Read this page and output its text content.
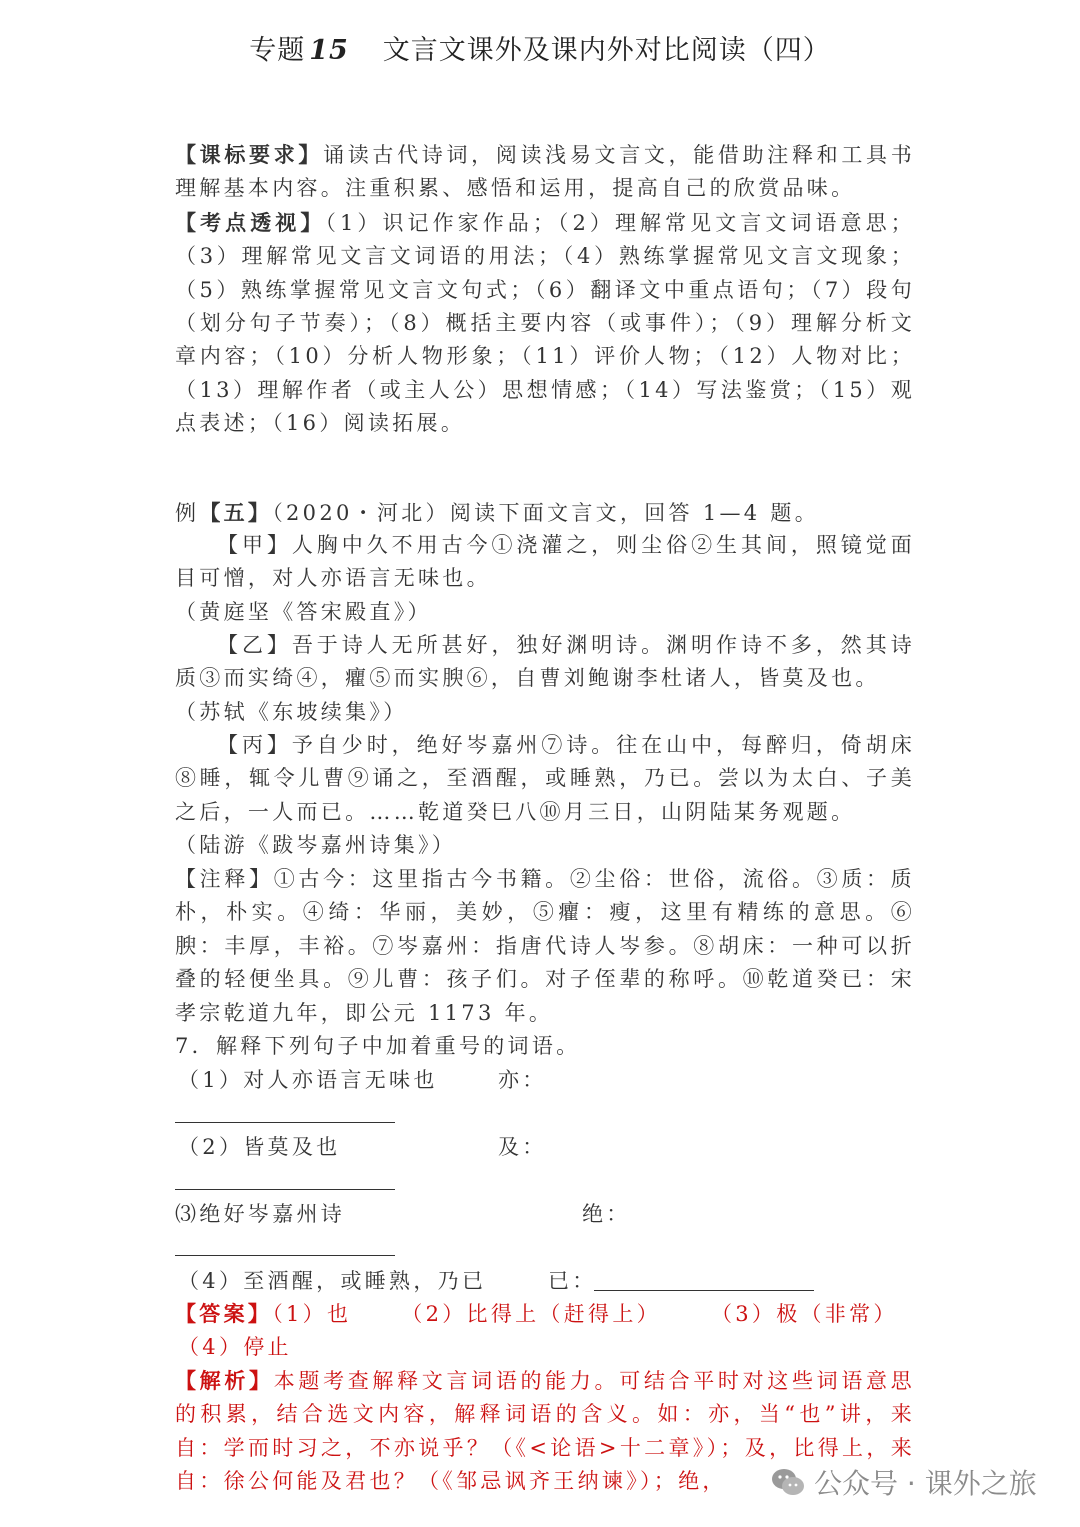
专题 15 文言文课外及课内外对比阅读（四）

【课标要求】诵读古代诗词，阅读浅易文言文，能借助注释和工具书理解基本内容。注重积累、感悟和运用，提高自己的欣赏品味。
【考点透视】（1）识记作家作品；（2）理解常见文言文词语意思；（3）理解常见文言文词语的用法；（4）熟练掌握常见文言文现象；（5）熟练掌握常见文言文句式；（6）翻译文中重点语句；（7）段句（划分句子节奏）；（8）概括主要内容（或事件）；（9）理解分析文章内容；（10）分析人物形象；（11）评价人物；（12）人物对比；（13）理解作者（或主人公）思想情感；（14）写法鉴赏；（15）观点表述；（16）阅读拓展。

例【五】（2020・河北）阅读下面文言文，回答 1—4 题。

【甲】人胸中久不用古今①浇灌之，则尘俗②生其间，照镜觉面目可憎，对人亦语言无味也。

（黄庭坚《答宋殿直》）

【乙】吾于诗人无所甚好，独好渊明诗。渊明作诗不多，然其诗质③而实绮④，癯⑤而实腴⑥，自曹刘鲍谢李杜诸人，皆莫及也。

（苏轼《东坡续集》）

【丙】予自少时，绝好岑嘉州⑦诗。往在山中，每醉归，倚胡床⑧睡，辄令儿曹⑨诵之，至酒醒，或睡熟，乃已。尝以为太白、子美之后，一人而已。……乾道癸巳八⑩月三日，山阴陆某务观题。

（陆游《跋岑嘉州诗集》）

【注释】①古今：这里指古今书籍。②尘俗：世俗，流俗。③质：质朴，朴实。④绮：华丽，美妙，⑤癯：瘦，这里有精练的意思。⑥腴：丰厚，丰裕。⑦岑嘉州：指唐代诗人岑参。⑧胡床：一种可以折叠的轻便坐具。⑨儿曹：孩子们。对子侄辈的称呼。⑩乾道癸已：宋孝宗乾道九年，即公元 1173 年。

7．解释下列句子中加着重号的词语。
（1）对人亦语言无味也	亦：
（2）皆莫及也	及：
⑶绝好岑嘉州诗	绝：
（4）至酒醒，或睡熟，乃已	已：
【答案】（1）也 （2）比得上（赶得上） （3）极（非常）
（4）停止

【解析】本题考查解释文言词语的能力。可结合平时对这些词语意思的积累，结合选文内容，解释词语的含义。如：亦，当“也”讲，来自：学而时习之，不亦说乎？（《<论语>十二章》）；及，比得上，来自：徐公何能及君也？（《邹忌讽齐王纳谏》）；绝，	公众号 · 课外之旅
